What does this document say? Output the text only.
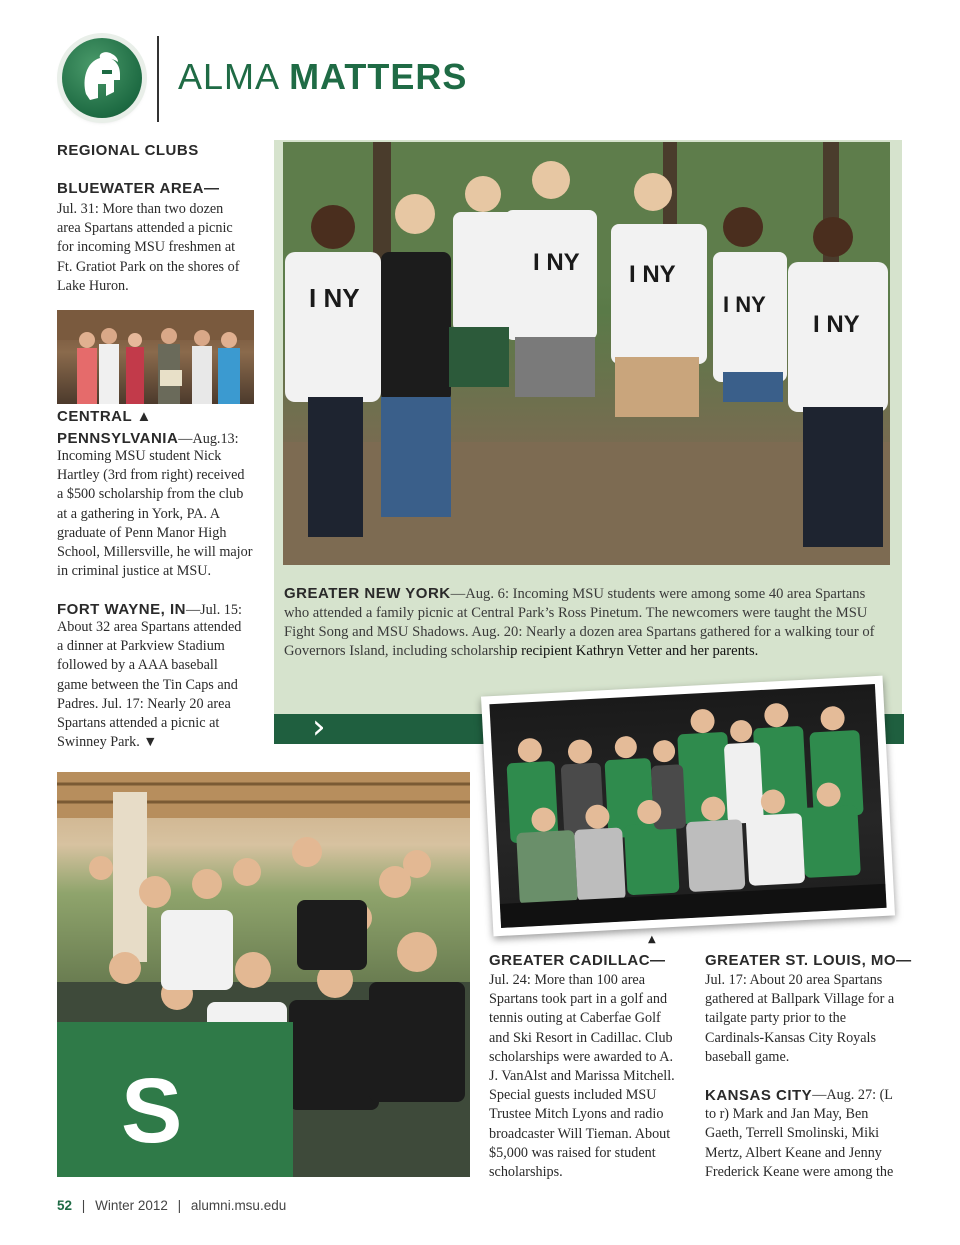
ALMA MATTERS
REGIONAL CLUBS
BLUEWATER AREA—
Jul. 31: More than two dozen area Spartans attended a picnic for incoming MSU freshmen at Ft. Gratiot Park on the shores of Lake Huron.
CENTRAL ▲
PENNSYLVANIA—Aug.13:
Incoming MSU student Nick Hartley (3rd from right) received a $500 scholarship from the club at a gathering in York, PA. A graduate of Penn Manor High School, Millersville, he will major in criminal justice at MSU.
FORT WAYNE, IN—Jul. 15:
About 32 area Spartans attended a dinner at Parkview Stadium followed by a AAA baseball game between the Tin Caps and Padres. Jul. 17: Nearly 20 area Spartans attended a picnic at Swinney Park. ▼	›
I NY
I NY I NY
I NY
I NY
GREATER NEW YORK—Aug. 6: Incoming MSU students were among some 40 area Spartans who attended a family picnic at Central Park’s Ross Pinetum. The newcomers were taught the MSU Fight Song and MSU Shadows. Aug. 20: Nearly a dozen area Spartans gathered for a walking tour of Governors Island, including scholarship recipient Kathryn Vetter and her parents.
▲
S
GREATER CADILLAC—
Jul. 24: More than 100 area Spartans took part in a golf and tennis outing at Caberfae Golf and Ski Resort in Cadillac. Club scholarships were awarded to A. J. VanAlst and Marissa Mitchell. Special guests included MSU Trustee Mitch Lyons and radio broadcaster Will Tieman. About $5,000 was raised for student scholarships.
GREATER ST. LOUIS, MO—
Jul. 17: About 20 area Spartans gathered at Ballpark Village for a tailgate party prior to the Cardinals-Kansas City Royals baseball game.
KANSAS CITY —Aug. 27: (L to r) Mark and Jan May, Ben Gaeth, Terrell Smolinski, Miki Mertz, Albert Keane and Jenny Frederick Keane were among the
52 | Winter 2012 | alumni.msu.edu
